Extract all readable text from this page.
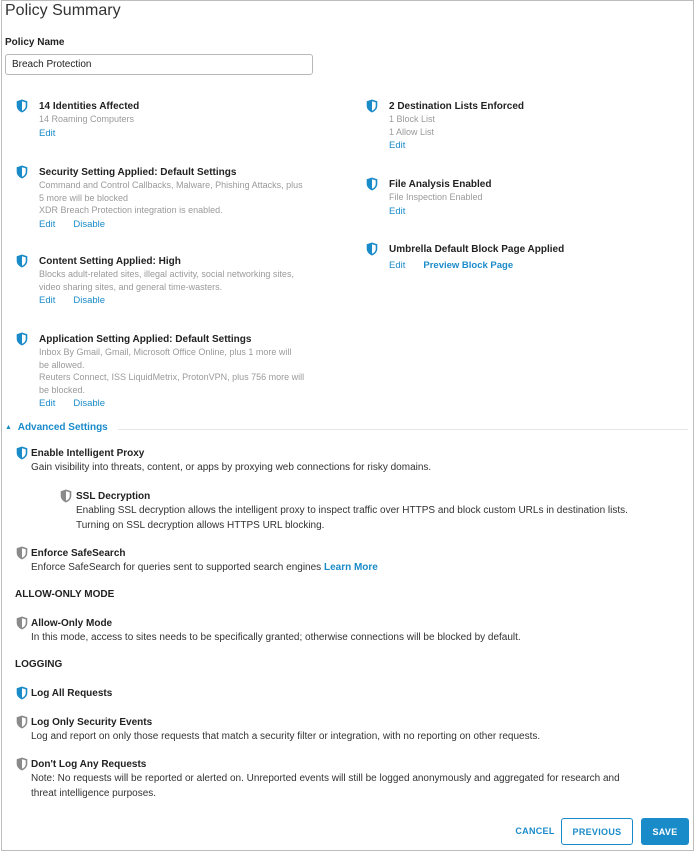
Policy Summary
Policy Name
Breach Protection
14 Identities Affected
14 Roaming Computers
Edit
Security Setting Applied: Default Settings
Command and Control Callbacks, Malware, Phishing Attacks, plus
5 more will be blocked
XDR Breach Protection integration is enabled.
Edit Disable
Content Setting Applied: High
Blocks adult-related sites, illegal activity, social networking sites,
video sharing sites, and general time-wasters.
Edit Disable
Application Setting Applied: Default Settings
Inbox By Gmail, Gmail, Microsoft Office Online, plus 1 more will
be allowed.
Reuters Connect, ISS LiquidMetrix, ProtonVPN, plus 756 more will
be blocked.
Edit Disable
2 Destination Lists Enforced
1 Block List
1 Allow List
Edit
File Analysis Enabled
File Inspection Enabled
Edit
Umbrella Default Block Page Applied
Edit Preview Block Page
▲ Advanced Settings
Enable Intelligent Proxy
Gain visibility into threats, content, or apps by proxying web connections for risky domains.
SSL Decryption
Enabling SSL decryption allows the intelligent proxy to inspect traffic over HTTPS and block custom URLs in destination lists.
Turning on SSL decryption allows HTTPS URL blocking.
Enforce SafeSearch
Enforce SafeSearch for queries sent to supported search engines Learn More
ALLOW-ONLY MODE
Allow-Only Mode
In this mode, access to sites needs to be specifically granted; otherwise connections will be blocked by default.
LOGGING
Log All Requests
Log Only Security Events
Log and report on only those requests that match a security filter or integration, with no reporting on other requests.
Don't Log Any Requests
Note: No requests will be reported or alerted on. Unreported events will still be logged anonymously and aggregated for research and
threat intelligence purposes.
CANCEL	PREVIOUS	SAVE
